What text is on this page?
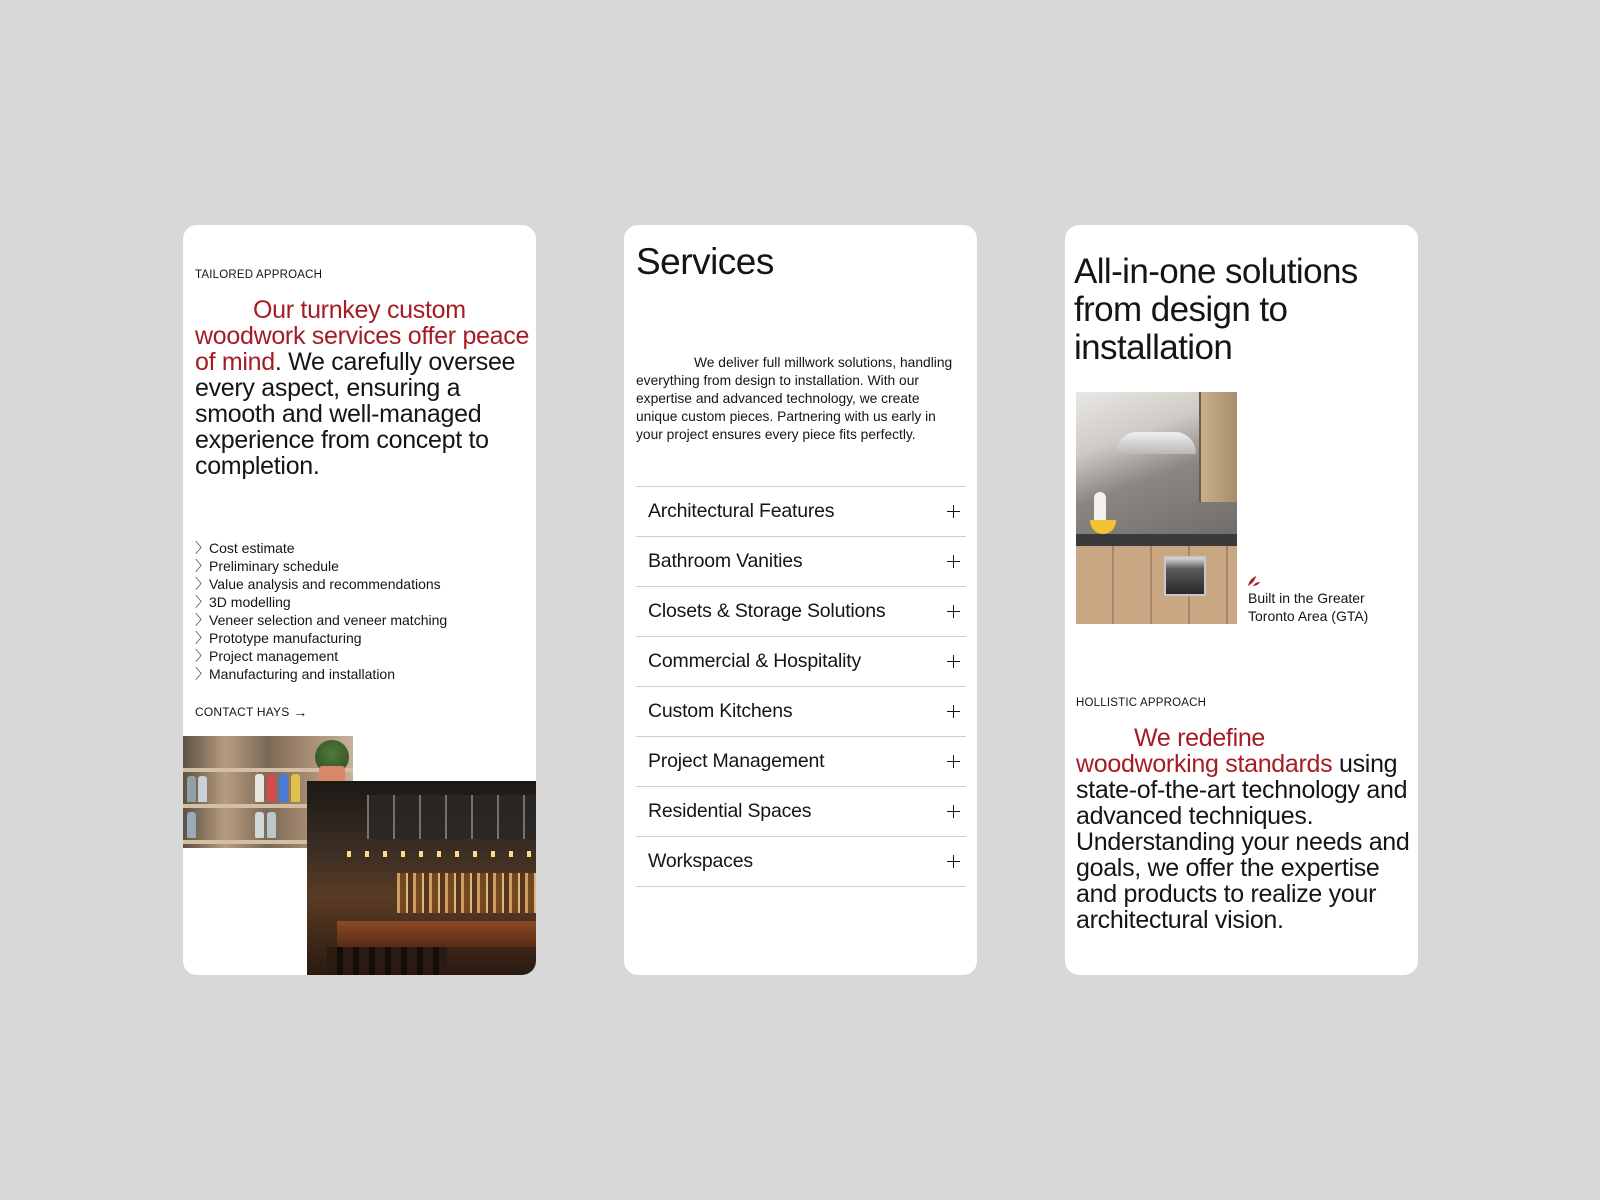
TAILORED APPROACH

Our turnkey custom woodwork services offer peace of mind. We carefully oversee every aspect, ensuring a smooth and well-managed experience from concept to completion.

〉 Cost estimate
〉 Preliminary schedule
〉 Value analysis and recommendations
〉 3D modelling
〉 Veneer selection and veneer matching
〉 Prototype manufacturing
〉 Project management
〉 Manufacturing and installation
CONTACT HAYS →
Services

We deliver full millwork solutions, handling everything from design to installation. With our expertise and advanced technology, we create unique custom pieces. Partnering with us early in your project ensures every piece fits perfectly.

Architectural Features
Bathroom Vanities
Closets & Storage Solutions
Commercial & Hospitality
Custom Kitchens
Project Management
Residential Spaces
Workspaces
All-in-one solutions from design to installation

Built in the Greater Toronto Area (GTA)

HOLLISTIC APPROACH

We redefine woodworking standards using state-of-the-art technology and advanced techniques. Understanding your needs and goals, we offer the expertise and products to realize your architectural vision.
